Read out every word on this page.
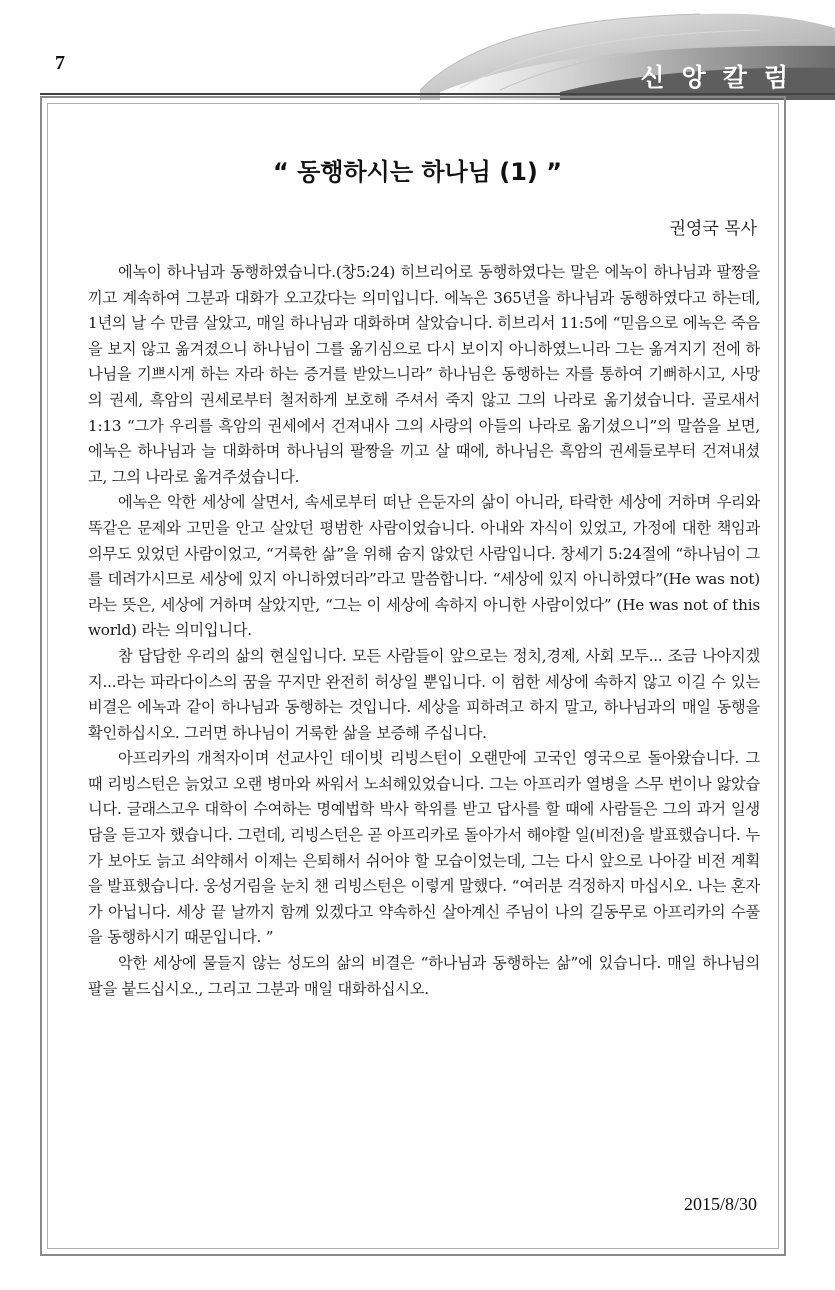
7	신앙칼럼
“ 동행하시는 하나님 (1) ”
권영국 목사

에녹이 하나님과 동행하였습니다.(창5:24) 히브리어로 동행하였다는 말은 에녹이 하나님과 팔짱을 끼고 계속하여 그분과 대화가 오고갔다는 의미입니다. 에녹은 365년을 하나님과 동행하였다고 하는데, 1년의 날 수 만큼 살았고, 매일 하나님과 대화하며 살았습니다. 히브리서 11:5에 “믿음으로 에녹은 죽음을 보지 않고 옮겨졌으니 하나님이 그를 옮기심으로 다시 보이지 아니하였느니라 그는 옮겨지기 전에 하나님을 기쁘시게 하는 자라 하는 증거를 받았느니라” 하나님은 동행하는 자를 통하여 기뻐하시고, 사망의 권세, 흑암의 권세로부터 철저하게 보호해 주셔서 죽지 않고 그의 나라로 옮기셨습니다. 골로새서1:13 “그가 우리를 흑암의 권세에서 건져내사 그의 사랑의 아들의 나라로 옮기셨으니”의 말씀을 보면, 에녹은 하나님과 늘 대화하며 하나님의 팔짱을 끼고 살 때에, 하나님은 흑암의 권세들로부터 건져내셨고, 그의 나라로 옮겨주셨습니다.

에녹은 악한 세상에 살면서, 속세로부터 떠난 은둔자의 삶이 아니라, 타락한 세상에 거하며 우리와 똑같은 문제와 고민을 안고 살았던 평범한 사람이었습니다. 아내와 자식이 있었고, 가정에 대한 책임과 의무도 있었던 사람이었고, “거룩한 삶”을 위해 숨지 않았던 사람입니다. 창세기 5:24절에 “하나님이 그를 데려가시므로 세상에 있지 아니하였더라”라고 말씀합니다. “세상에 있지 아니하였다”(He was not)라는 뜻은, 세상에 거하며 살았지만, “그는 이 세상에 속하지 아니한 사람이었다” (He was not of this world) 라는 의미입니다.

참 답답한 우리의 삶의 현실입니다. 모든 사람들이 앞으로는 정치,경제, 사회 모두... 조금 나아지겠지...라는 파라다이스의 꿈을 꾸지만 완전히 허상일 뿐입니다. 이 험한 세상에 속하지 않고 이길 수 있는 비결은 에녹과 같이 하나님과 동행하는 것입니다. 세상을 피하려고 하지 말고, 하나님과의 매일 동행을 확인하십시오. 그러면 하나님이 거룩한 삶을 보증해 주십니다.

아프리카의 개척자이며 선교사인 데이빗 리빙스턴이 오랜만에 고국인 영국으로 돌아왔습니다. 그 때 리빙스턴은 늙었고 오랜 병마와 싸워서 노쇠해있었습니다. 그는 아프리카 열병을 스무 번이나 앓았습니다. 글래스고우 대학이 수여하는 명예법학 박사 학위를 받고 답사를 할 때에 사람들은 그의 과거 일생 담을 듣고자 했습니다. 그런데, 리빙스턴은 곧 아프리카로 돌아가서 해야할 일(비전)을 발표했습니다. 누가 보아도 늙고 쇠약해서 이제는 은퇴해서 쉬어야 할 모습이었는데, 그는 다시 앞으로 나아갈 비전 계획을 발표했습니다. 웅성거림을 눈치 챈 리빙스턴은 이렇게 말했다. “여러분 걱정하지 마십시오. 나는 혼자가 아닙니다. 세상 끝 날까지 함께 있겠다고 약속하신 살아계신 주님이 나의 길동무로 아프리카의 수풀을 동행하시기 때문입니다. ”

악한 세상에 물들지 않는 성도의 삶의 비결은 “하나님과 동행하는 삶”에 있습니다. 매일 하나님의 팔을 붙드십시오., 그리고 그분과 매일 대화하십시오.

2015/8/30
